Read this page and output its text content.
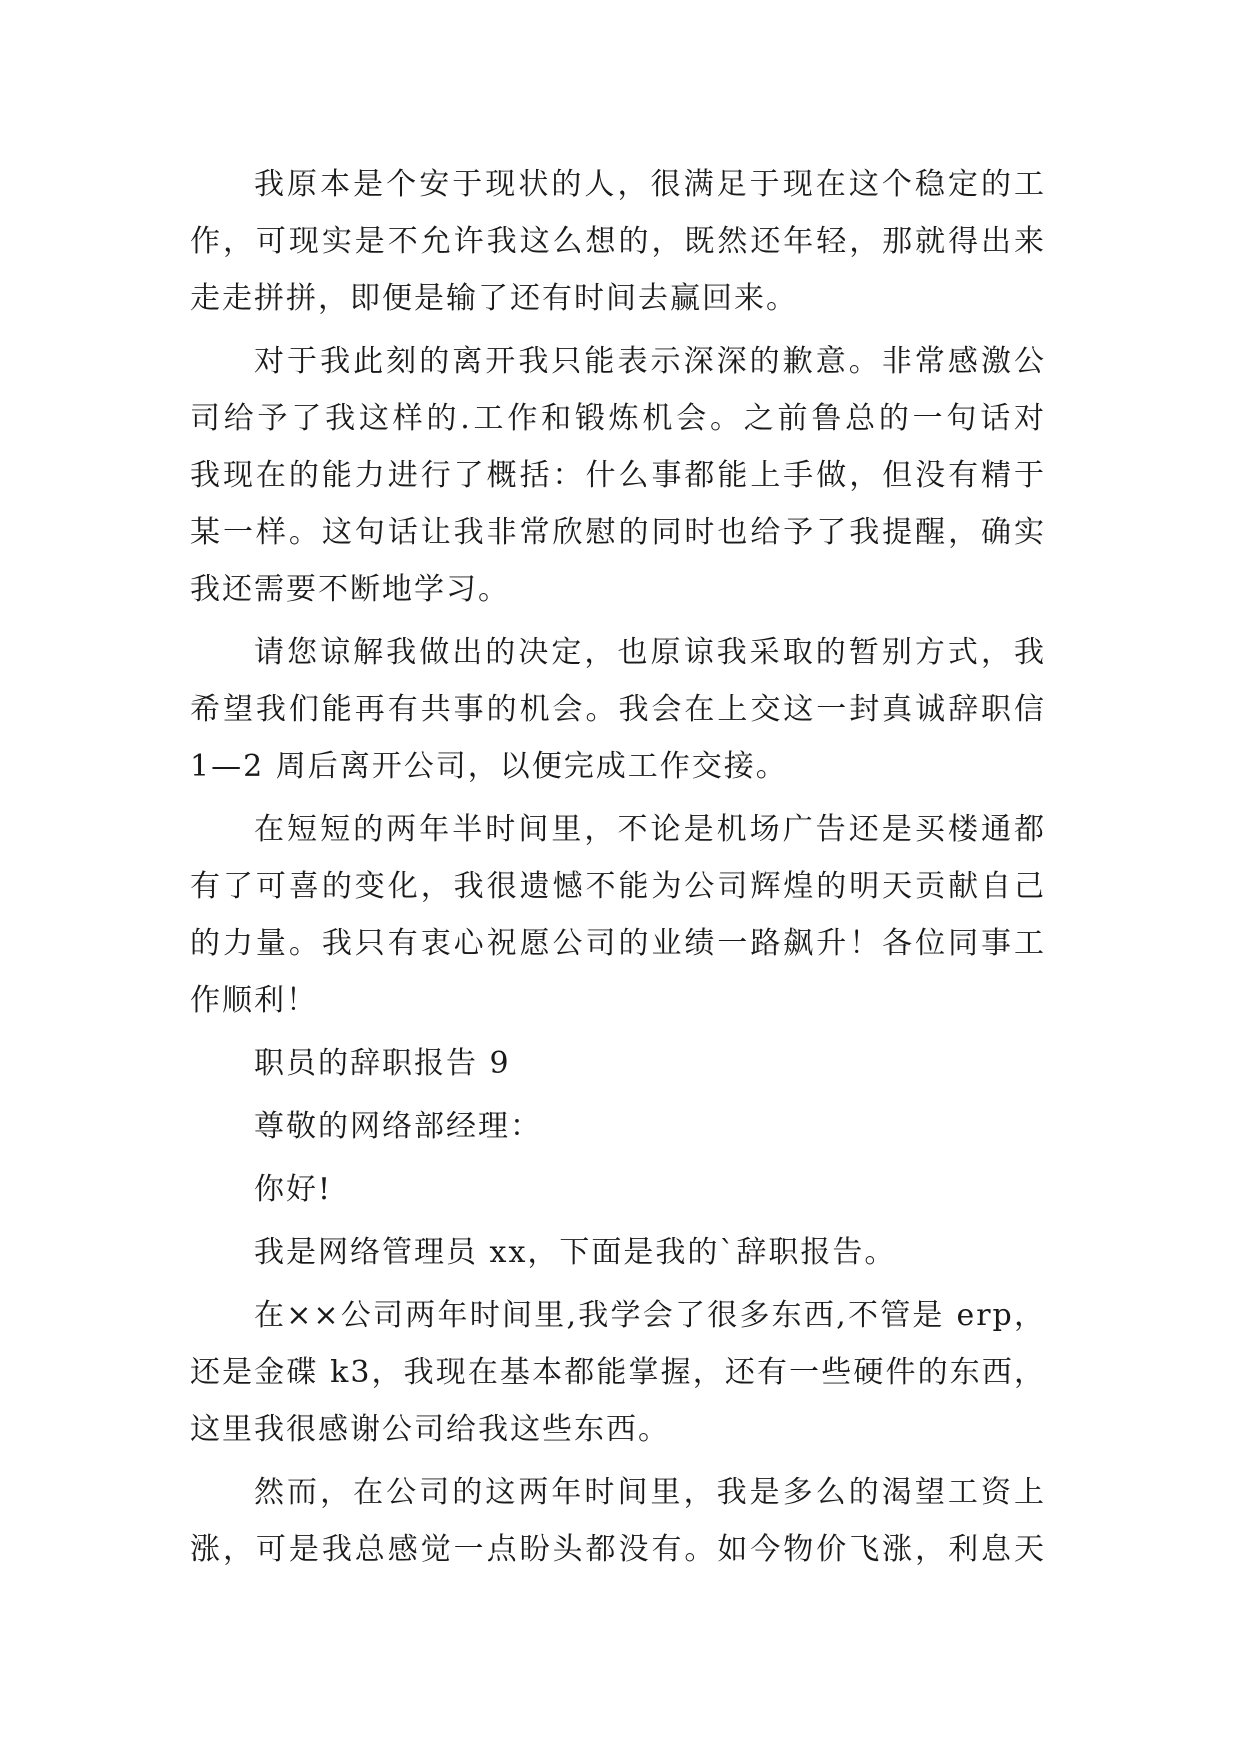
我原本是个安于现状的人，很满足于现在这个稳定的工

作，可现实是不允许我这么想的，既然还年轻，那就得出来

走走拼拼，即便是输了还有时间去赢回来。

对于我此刻的离开我只能表示深深的歉意。非常感激公

司给予了我这样的.工作和锻炼机会。之前鲁总的一句话对

我现在的能力进行了概括：什么事都能上手做，但没有精于

某一样。这句话让我非常欣慰的同时也给予了我提醒，确实

我还需要不断地学习。

请您谅解我做出的决定，也原谅我采取的暂别方式，我

希望我们能再有共事的机会。我会在上交这一封真诚辞职信

1—2 周后离开公司，以便完成工作交接。

在短短的两年半时间里，不论是机场广告还是买楼通都

有了可喜的变化，我很遗憾不能为公司辉煌的明天贡献自己

的力量。我只有衷心祝愿公司的业绩一路飙升！各位同事工

作顺利！

职员的辞职报告 9

尊敬的网络部经理：

你好!

我是网络管理员 xx，下面是我的`辞职报告。

在××公司两年时间里,我学会了很多东西,不管是 erp，

还是金碟 k3，我现在基本都能掌握，还有一些硬件的东西，

这里我很感谢公司给我这些东西。

然而，在公司的这两年时间里，我是多么的渴望工资上

涨，可是我总感觉一点盼头都没有。如今物价飞涨，利息天
